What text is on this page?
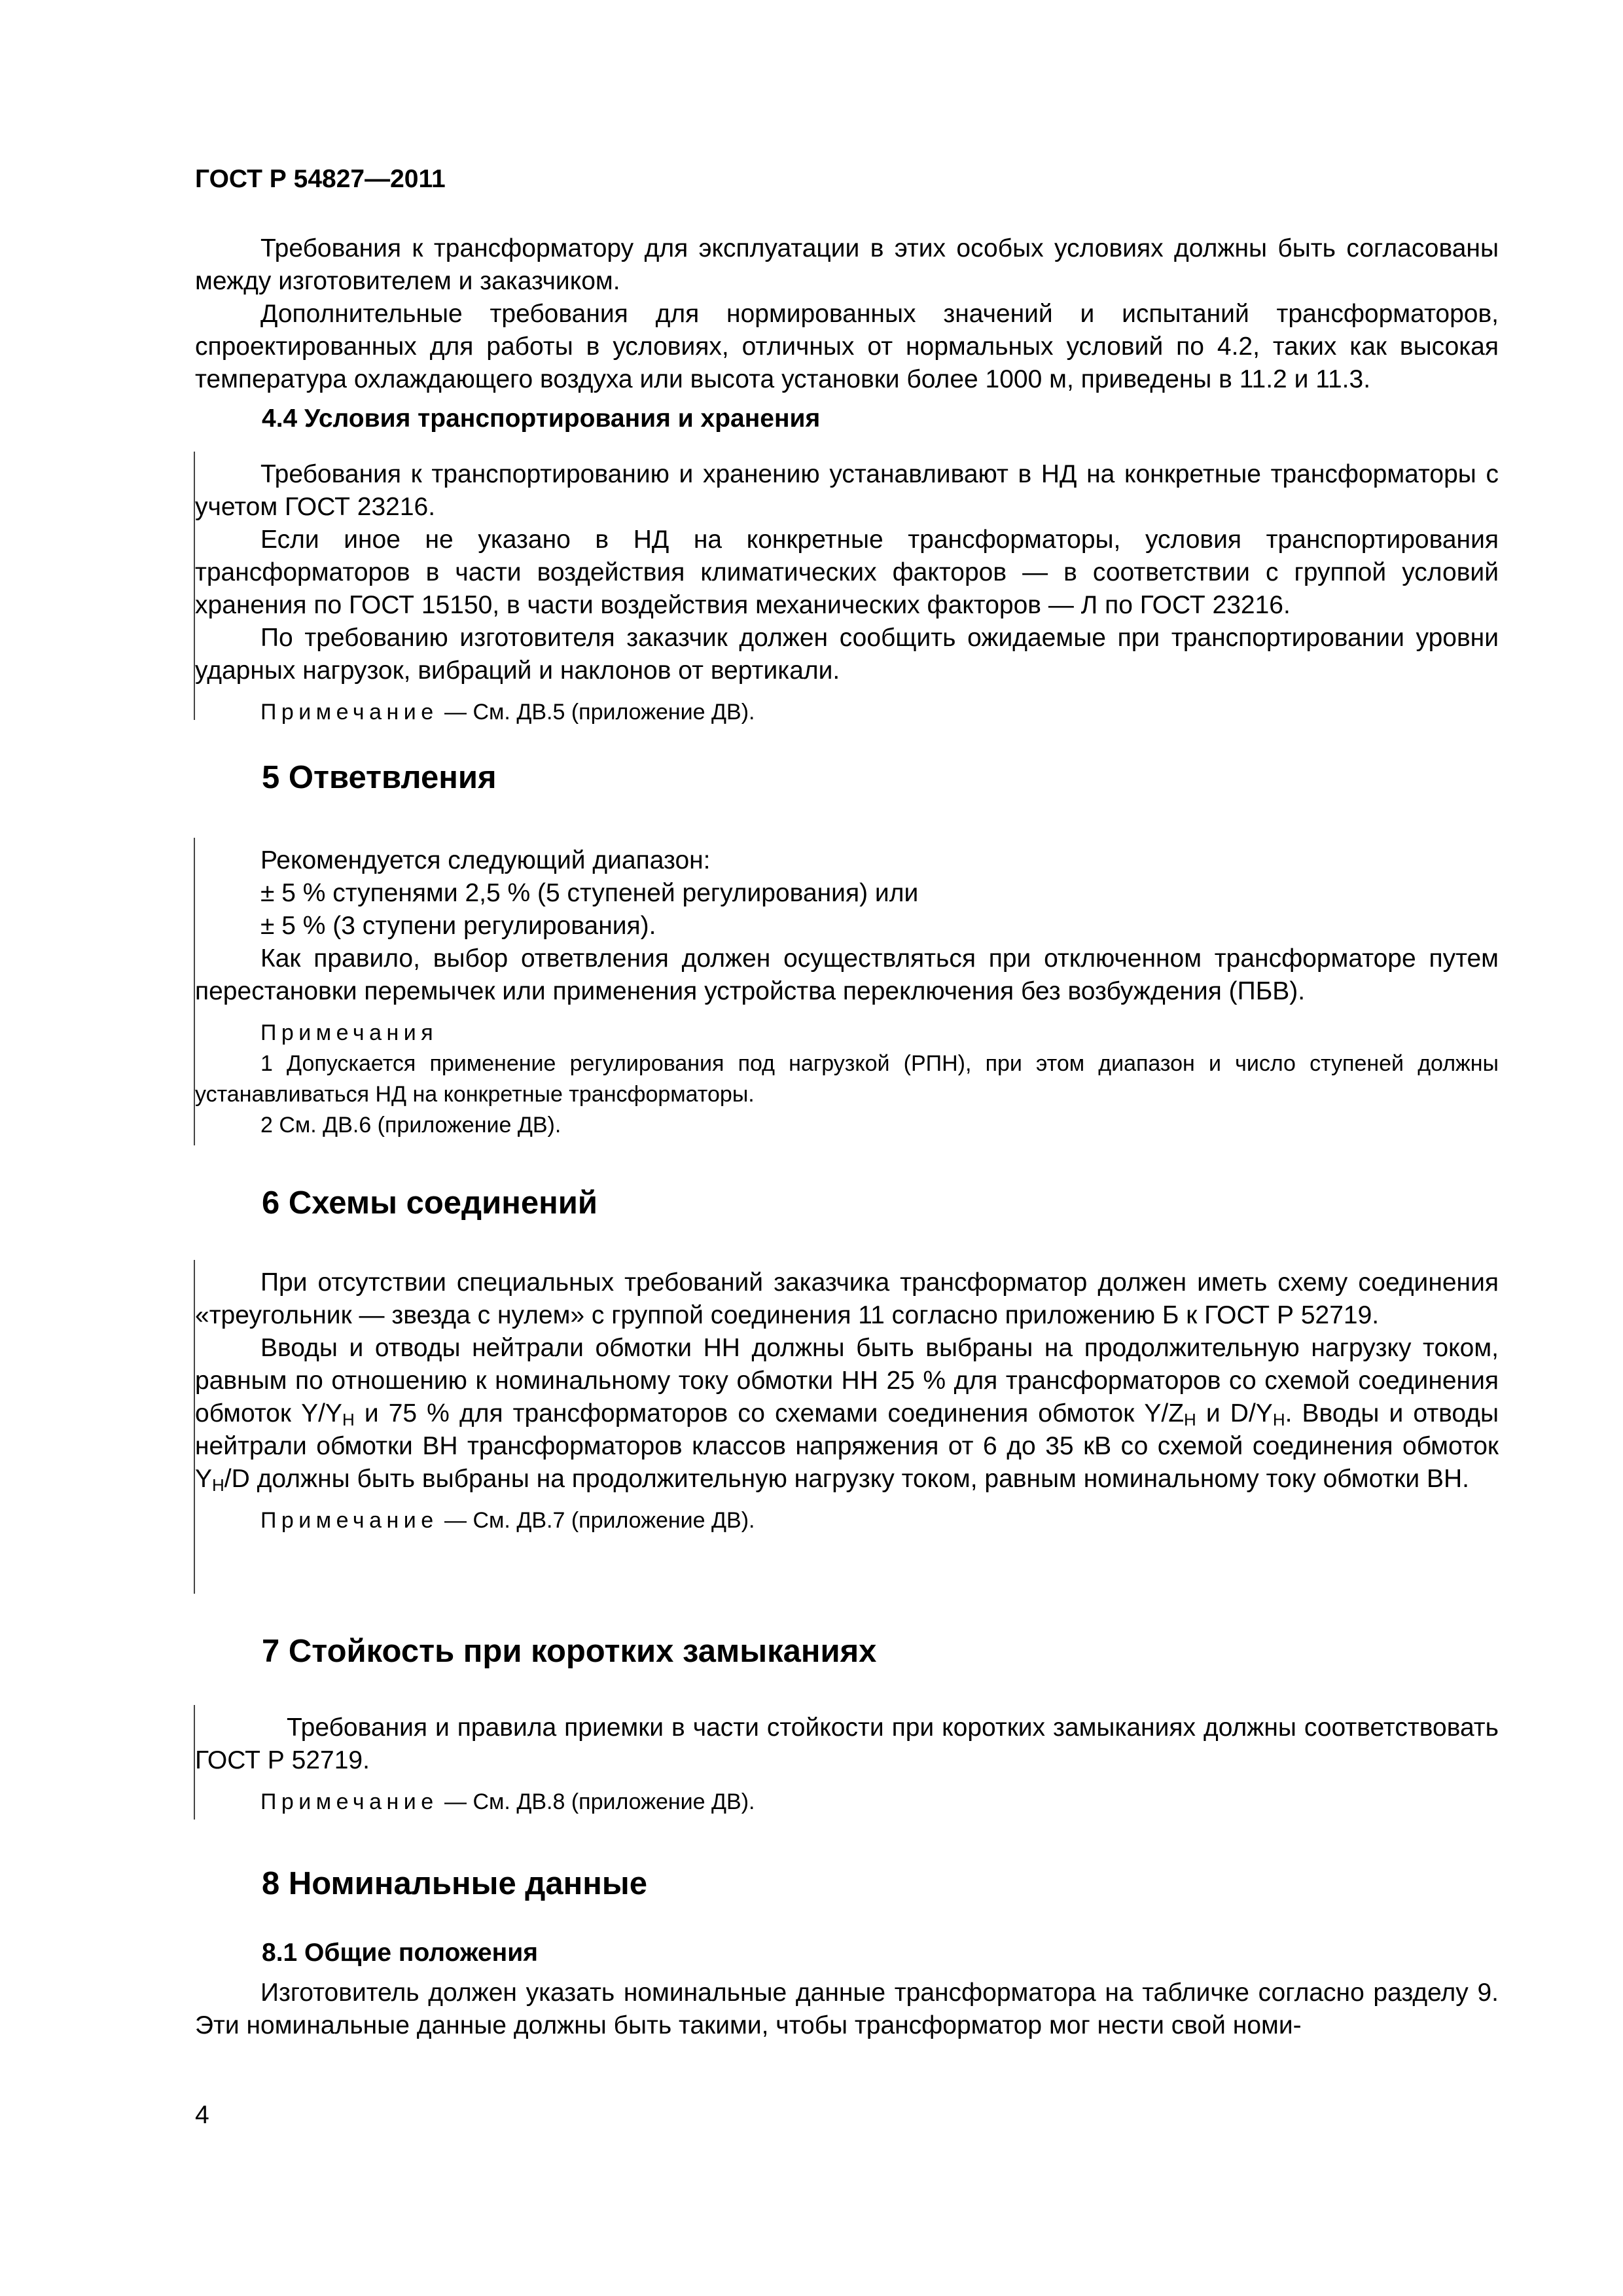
ГОСТ Р 54827—2011

Требования к трансформатору для эксплуатации в этих особых условиях должны быть согласованы между изготовителем и заказчиком.

Дополнительные требования для нормированных значений и испытаний трансформаторов, спроектированных для работы в условиях, отличных от нормальных условий по 4.2, таких как высокая температура охлаждающего воздуха или высота установки более 1000 м, приведены в 11.2 и 11.3.

4.4 Условия транспортирования и хранения

Требования к транспортированию и хранению устанавливают в НД на конкретные трансформаторы с учетом ГОСТ 23216.

Если иное не указано в НД на конкретные трансформаторы, условия транспортирования трансформаторов в части воздействия климатических факторов — в соответствии с группой условий хранения по ГОСТ 15150, в части воздействия механических факторов — Л по ГОСТ 23216.

По требованию изготовителя заказчик должен сообщить ожидаемые при транспортировании уровни ударных нагрузок, вибраций и наклонов от вертикали.

Примечание — См. ДВ.5 (приложение ДВ).

5 Ответвления

Рекомендуется следующий диапазон:

± 5 % ступенями 2,5 % (5 ступеней регулирования) или

± 5 % (3 ступени регулирования).

Как правило, выбор ответвления должен осуществляться при отключенном трансформаторе путем перестановки перемычек или применения устройства переключения без возбуждения (ПБВ).

Примечания

1 Допускается применение регулирования под нагрузкой (РПН), при этом диапазон и число ступеней должны устанавливаться НД на конкретные трансформаторы.

2 См. ДВ.6 (приложение ДВ).

6 Схемы соединений

При отсутствии специальных требований заказчика трансформатор должен иметь схему соединения «треугольник — звезда с нулем» с группой соединения 11 согласно приложению Б к ГОСТ Р 52719.

Вводы и отводы нейтрали обмотки НН должны быть выбраны на продолжительную нагрузку током, равным по отношению к номинальному току обмотки НН 25 % для трансформаторов со схемой соединения обмоток $Y/Y_Н$ и 75 % для трансформаторов со схемами соединения обмоток $Y/Z_Н$ и $D/Y_Н$. Вводы и отводы нейтрали обмотки ВН трансформаторов классов напряжения от 6 до 35 кВ со схемой соединения обмоток $Y_Н/D$ должны быть выбраны на продолжительную нагрузку током, равным номинальному току обмотки ВН.

Примечание — См. ДВ.7 (приложение ДВ).

7 Стойкость при коротких замыканиях

Требования и правила приемки в части стойкости при коротких замыканиях должны соответствовать ГОСТ Р 52719.

Примечание — См. ДВ.8 (приложение ДВ).

8 Номинальные данные
8.1 Общие положения

Изготовитель должен указать номинальные данные трансформатора на табличке согласно разделу 9. Эти номинальные данные должны быть такими, чтобы трансформатор мог нести свой номи-

4
